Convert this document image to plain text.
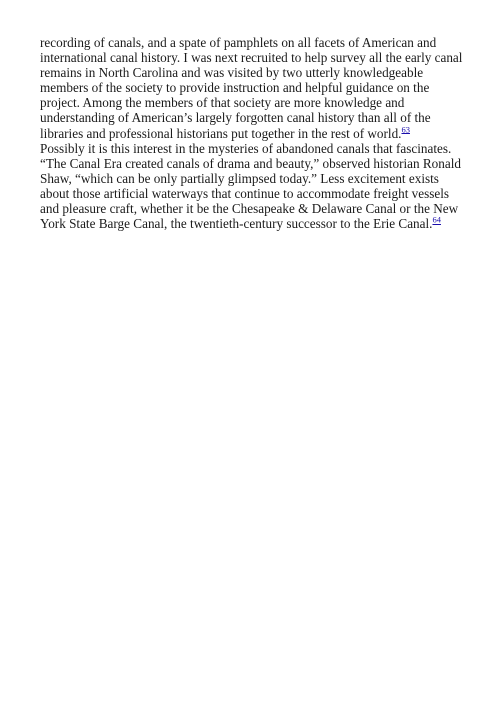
recording of canals, and a spate of pamphlets on all facets of American and international canal history. I was next recruited to help survey all the early canal remains in North Carolina and was visited by two utterly knowledgeable members of the society to provide instruction and helpful guidance on the project. Among the members of that society are more knowledge and understanding of American’s largely forgotten canal history than all of the libraries and professional historians put together in the rest of world.$^{63}$

Possibly it is this interest in the mysteries of abandoned canals that fascinates. “The Canal Era created canals of drama and beauty,” observed historian Ronald Shaw, “which can be only partially glimpsed today.” Less excitement exists about those artificial waterways that continue to accommodate freight vessels and pleasure craft, whether it be the Chesapeake & Delaware Canal or the New York State Barge Canal, the twentieth-century successor to the Erie Canal.$^{64}$
